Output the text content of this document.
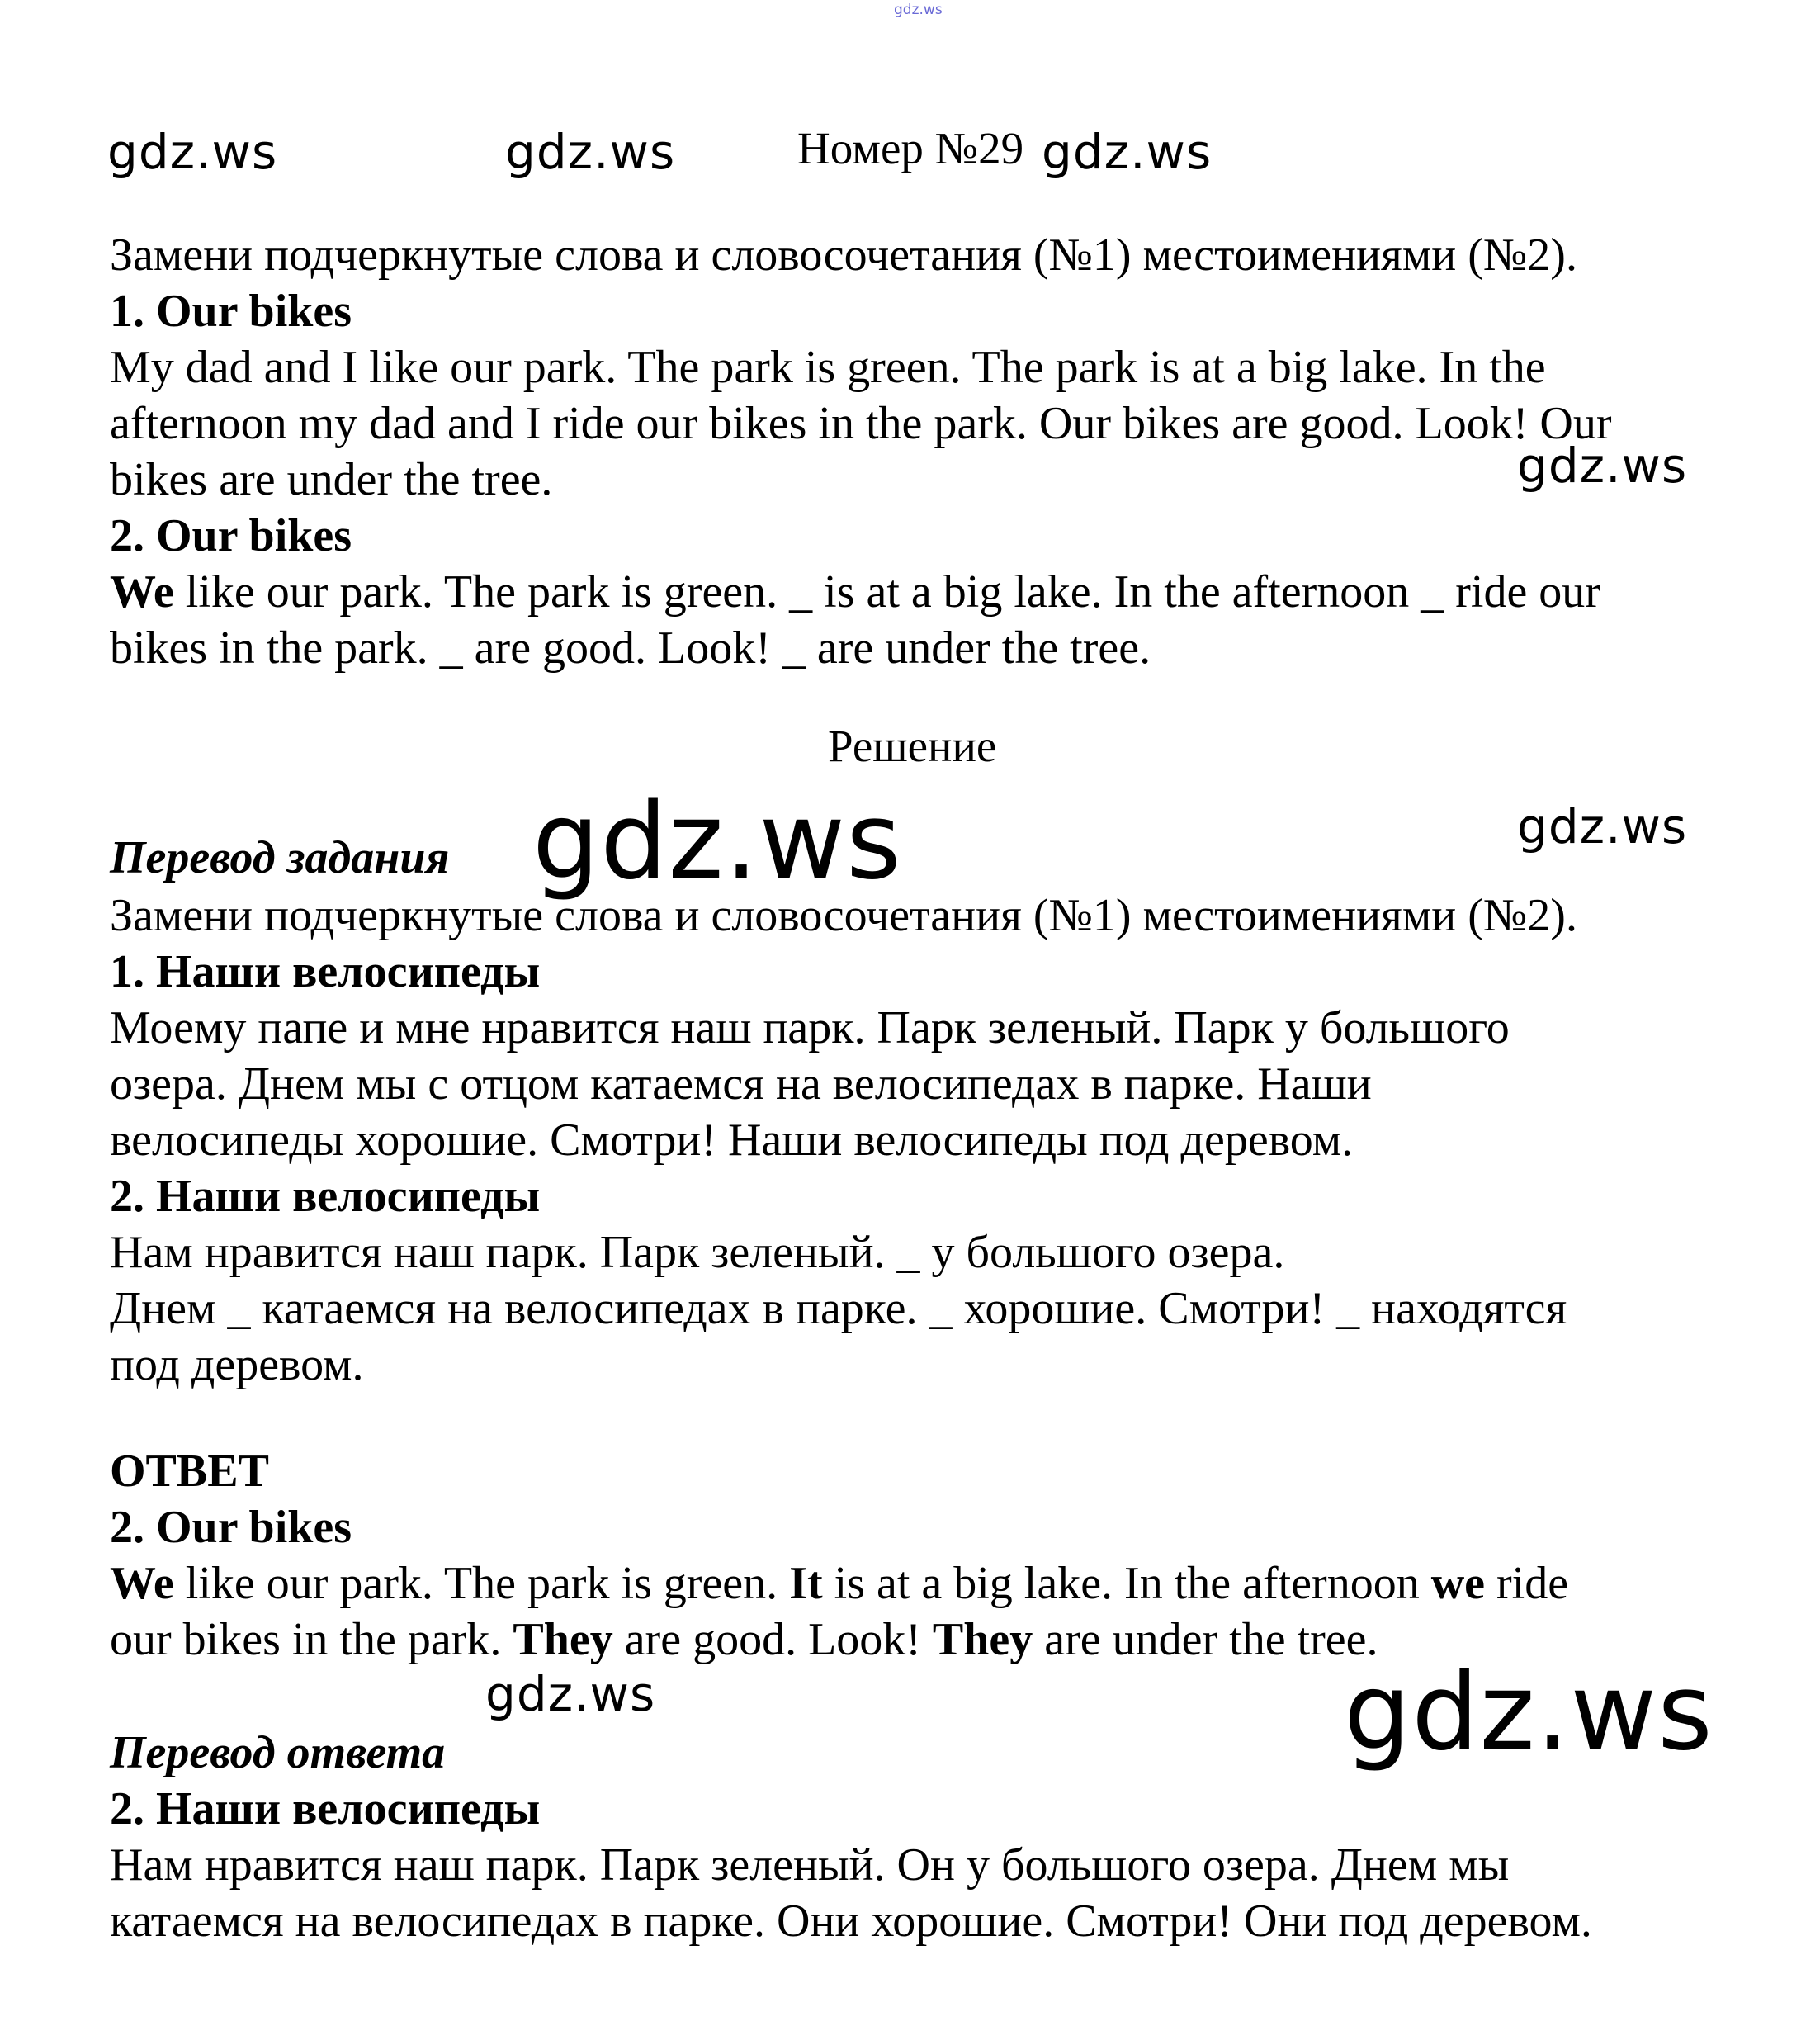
gdz.ws
gdz.ws	gdz.ws	Номер №29 gdz.ws
Замени подчеркнутые слова и словосочетания (№1) местоимениями (№2).
1. Our bikes
My dad and I like our park. The park is green. The park is at a big lake. In the
afternoon my dad and I ride our bikes in the park. Our bikes are good. Look! Our
bikes are under the tree.	gdz.ws
2. Our bikes
We like our park. The park is green. _ is at a big lake. In the afternoon _ ride our
bikes in the park. _ are good. Look! _ are under the tree.
Решение
Перевод задания gdz.ws	gdz.ws
Замени подчеркнутые слова и словосочетания (№1) местоимениями (№2).
1. Наши велосипеды
Моему папе и мне нравится наш парк. Парк зеленый. Парк у большого
озера. Днем мы с отцом катаемся на велосипедах в парке. Наши
велосипеды хорошие. Смотри! Наши велосипеды под деревом.
2. Наши велосипеды
Нам нравится наш парк. Парк зеленый. _ у большого озера.
Днем _ катаемся на велосипедах в парке. _ хорошие. Смотри! _ находятся
под деревом.
ОТВЕТ
2. Our bikes
We like our park. The park is green. It is at a big lake. In the afternoon we ride
our bikes in the park. They are good. Look! They are under the tree.
gdz.ws	gdz.ws
Перевод ответа
2. Наши велосипеды
Нам нравится наш парк. Парк зеленый. Он у большого озера. Днем мы
катаемся на велосипедах в парке. Они хорошие. Смотри! Они под деревом.
